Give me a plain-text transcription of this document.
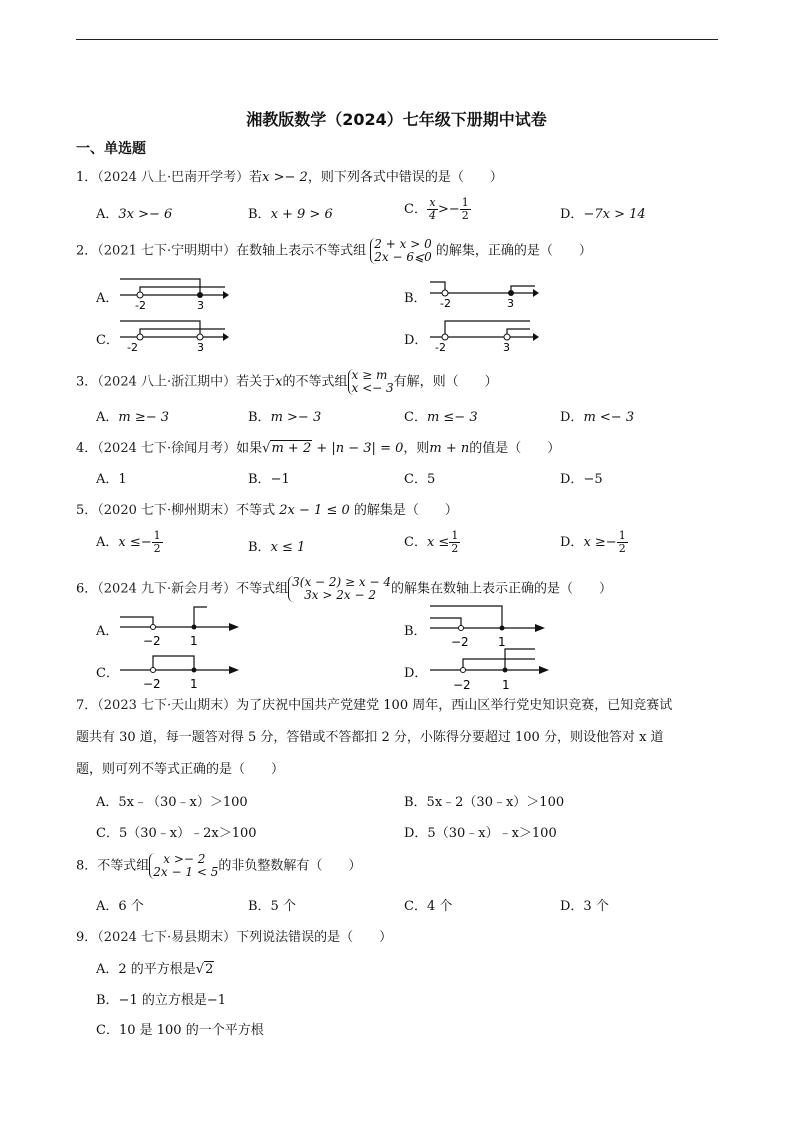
湘教版数学（2024）七年级下册期中试卷
一、单选题
1．（2024 八上·巴南开学考）若x >− 2，则下列各式中错误的是（　　）
A．3x >− 6	B．x + 9 > 6	C． $\frac{x}{4} >- \frac{1}{2}$	D．−7x > 14
2．（2021 七下·宁明期中）在数轴上表示不等式组 2 + x > 0
2x − 6⩽0 的解集，正确的是（　　）
A． -2	3	B． -2	3
C． -2	3	D． -2	3
3．（2024 八上·浙江期中）若关于x的不等式组 x ≥ m
x <− 3 有解，则（　　）
A．m ≥− 3	B．m >− 3	C．m ≤− 3	D．m <− 3
4．（2024 七下·徐闻月考）如果√m + 2 + |n − 3| = 0，则m + n的值是（　　）
A．1	B．−1	C．5	D．−5
5．（2020 七下·柳州期末）不等式 2x − 1 ≤ 0 的解集是（　　）
A．$x \le- \frac{1}{2}$	B．x ≤ 1	C．$x \le \frac{1}{2}$	D．$x \ge- \frac{1}{2}$
6．（2024 九下·新会月考）不等式组 3(x − 2) ≥ x − 4
3x > 2x − 2	的解集在数轴上表示正确的是（　　）
A．
−2 1
B．
−2 1
C．
−2 1
D．
−2	1
7．（2023 七下·天山期末）为了庆祝中国共产党建党 100 周年，西山区举行党史知识竞赛，已知竞赛试
题共有 30 道，每一题答对得 5 分，答错或不答都扣 2 分，小陈得分要超过 100 分，则设他答对 x 道
题，则可列不等式正确的是（　　）
A．5x﹣（30﹣x）＞100	B．5x﹣2（30﹣x）＞100
C．5（30﹣x）﹣2x＞100	D．5（30﹣x）﹣x＞100
8．不等式组	x >− 2
2x − 1 < 5 的非负整数解有（　　）
A．6 个	B．5 个	C．4 个	D．3 个
9．（2024 七下·易县期末）下列说法错误的是（　　）
A．2 的平方根是√2
B．−1 的立方根是−1
C．10 是 100 的一个平方根
